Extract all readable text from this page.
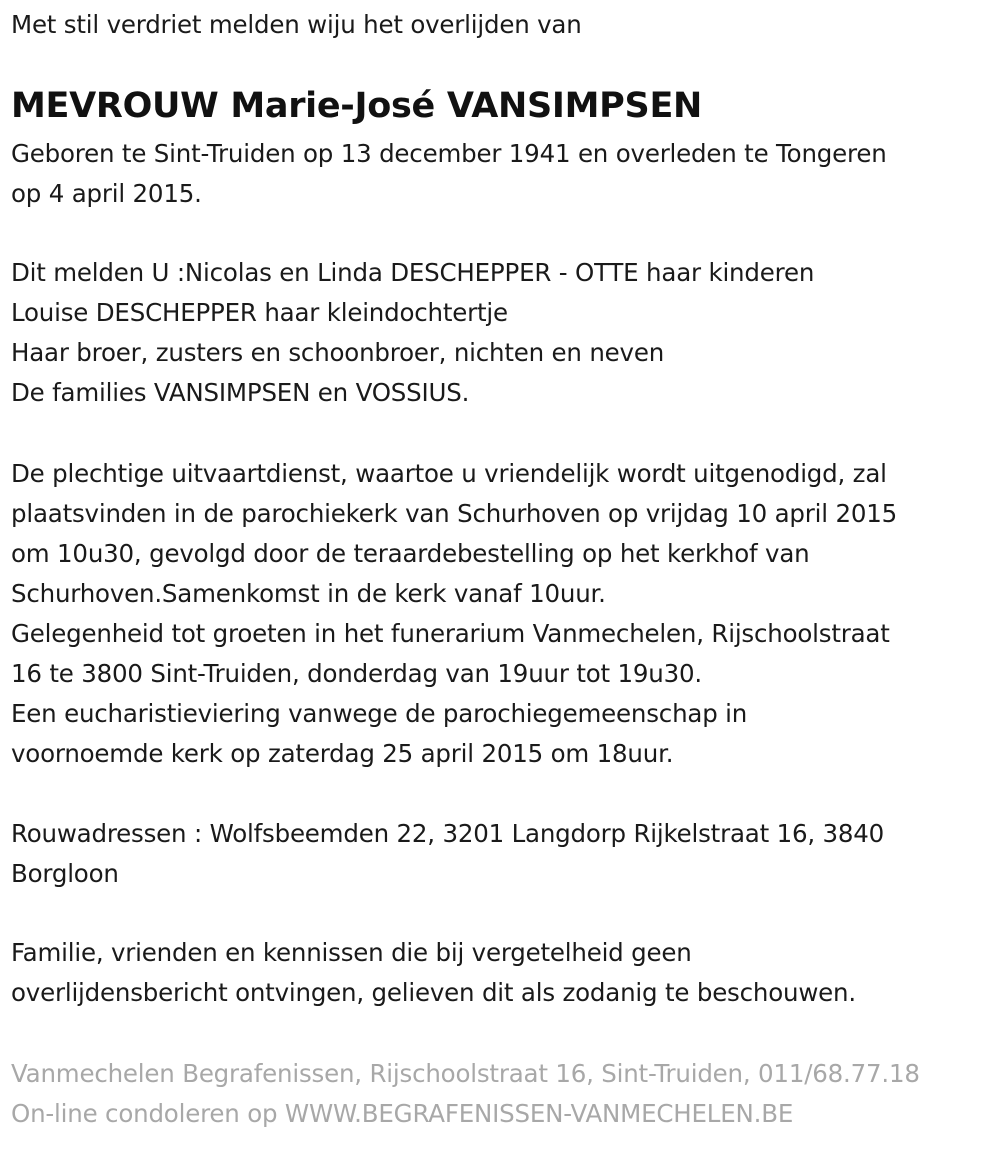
Met stil verdriet melden wiju het overlijden van
MEVROUW Marie-José VANSIMPSEN
Geboren te Sint-Truiden op 13 december 1941 en overleden te Tongeren
op 4 april 2015.
Dit melden U :Nicolas en Linda DESCHEPPER - OTTE haar kinderen
Louise DESCHEPPER haar kleindochtertje
Haar broer, zusters en schoonbroer, nichten en neven
De families VANSIMPSEN en VOSSIUS.
De plechtige uitvaartdienst, waartoe u vriendelijk wordt uitgenodigd, zal
plaatsvinden in de parochiekerk van Schurhoven op vrijdag 10 april 2015
om 10u30, gevolgd door de teraardebestelling op het kerkhof van
Schurhoven.Samenkomst in de kerk vanaf 10uur.
Gelegenheid tot groeten in het funerarium Vanmechelen, Rijschoolstraat
16 te 3800 Sint-Truiden, donderdag van 19uur tot 19u30.
Een eucharistieviering vanwege de parochiegemeenschap in
voornoemde kerk op zaterdag 25 april 2015 om 18uur.
Rouwadressen : Wolfsbeemden 22, 3201 Langdorp Rijkelstraat 16, 3840
Borgloon
Familie, vrienden en kennissen die bij vergetelheid geen
overlijdensbericht ontvingen, gelieven dit als zodanig te beschouwen.
Vanmechelen Begrafenissen, Rijschoolstraat 16, Sint-Truiden, 011/68.77.18
On-line condoleren op WWW.BEGRAFENISSEN-VANMECHELEN.BE
